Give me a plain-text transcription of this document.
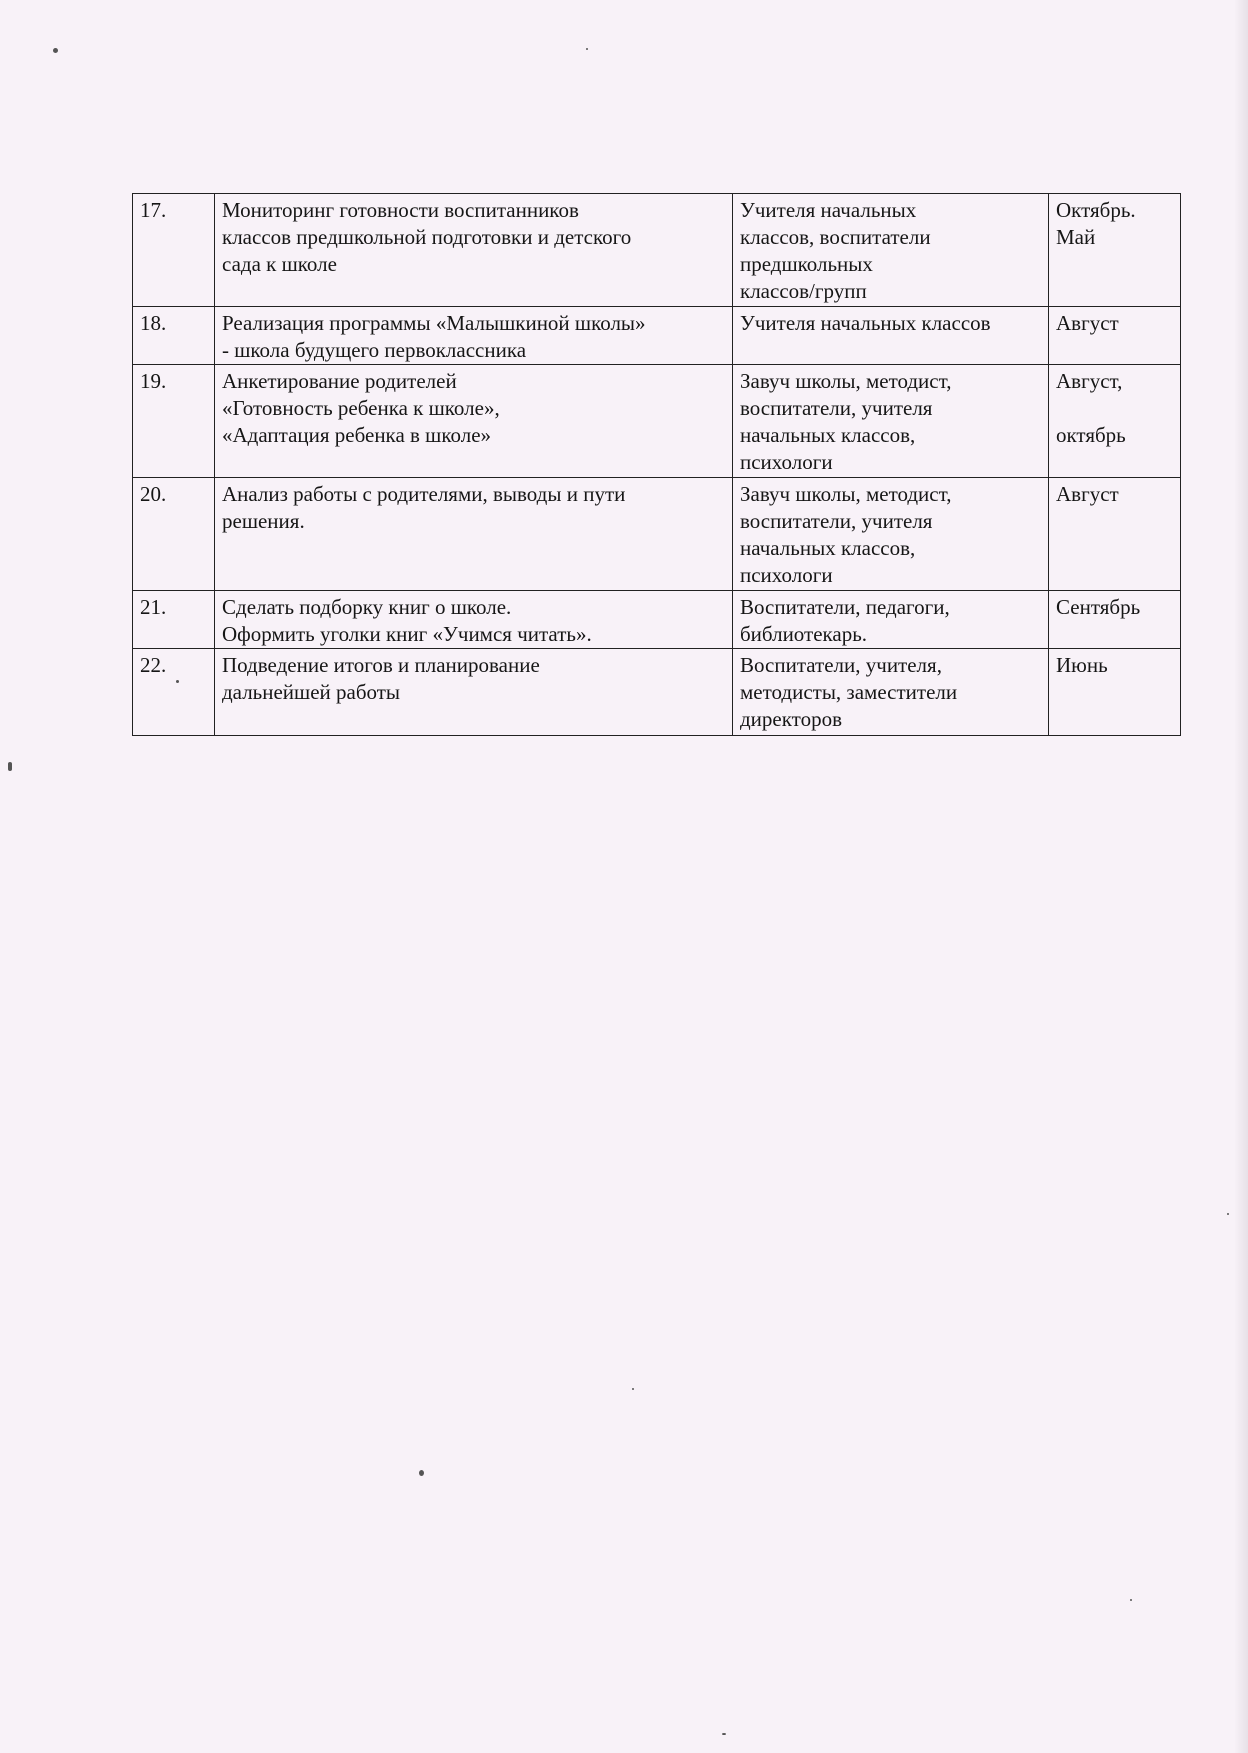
17.	Мониторинг готовности воспитанников
классов предшкольной подготовки и детского
сада к школе	Учителя начальных
классов, воспитатели
предшкольных
классов/групп	Октябрь.
Май

18.	Реализация программы «Малышкиной школы»
- школа будущего первоклассника	Учителя начальных классов	Август

19.	Анкетирование родителей
«Готовность ребенка к школе»,
«Адаптация ребенка в школе»	Завуч школы, методист,
воспитатели, учителя
начальных классов,
психологи	Август,
октябрь

20.	Анализ работы с родителями, выводы и пути
решения.	Завуч школы, методист,
воспитатели, учителя
начальных классов,
психологи	Август

21.	Сделать подборку книг о школе.
Оформить уголки книг «Учимся читать».	Воспитатели, педагоги,
библиотекарь.	Сентябрь

22.	Подведение итогов и планирование
дальнейшей работы	Воспитатели, учителя,
методисты, заместители
директоров	Июнь
